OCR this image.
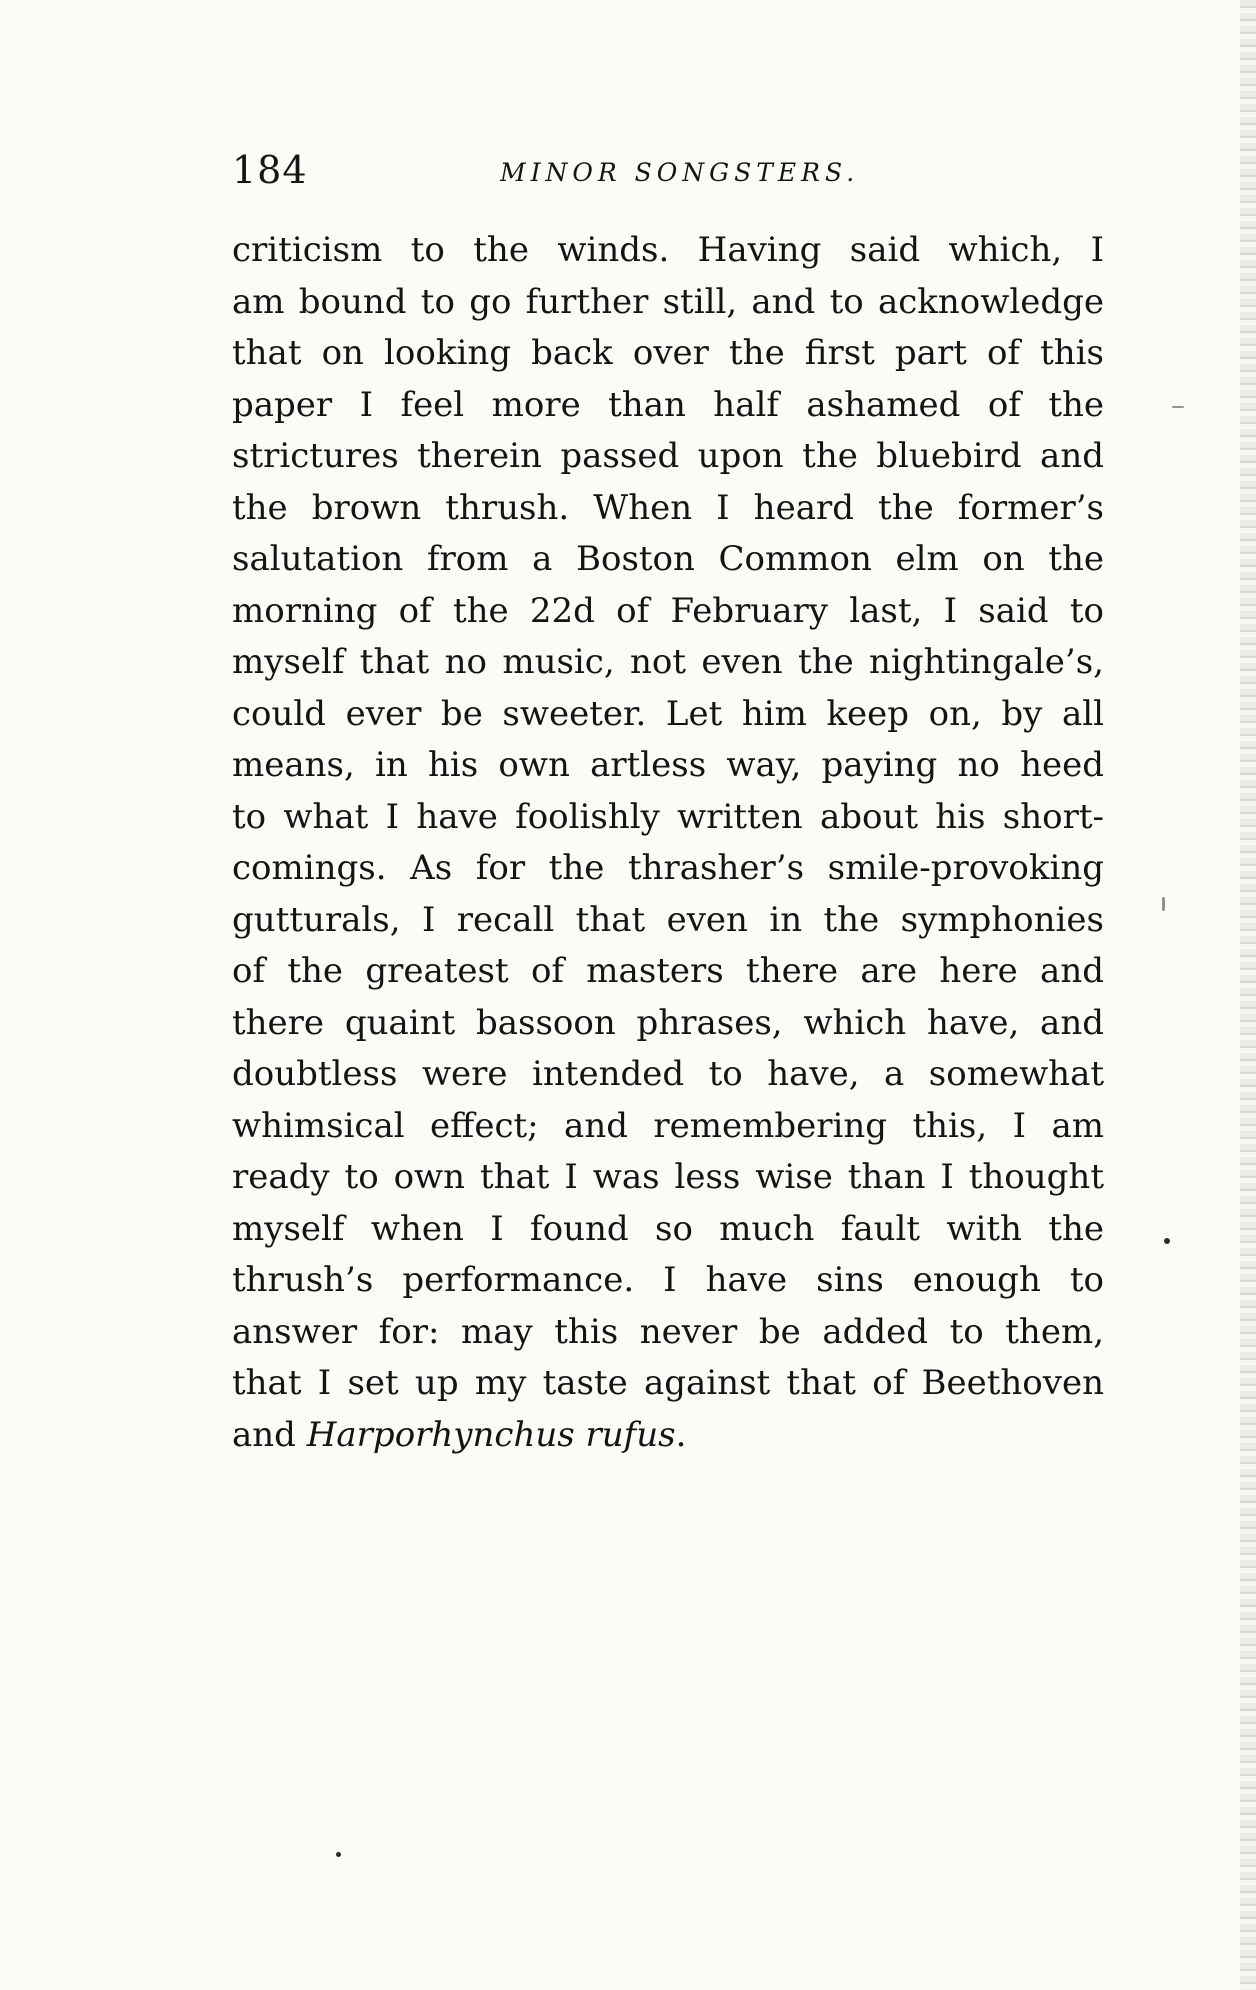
184	MINOR SONGSTERS.
criticism to the winds. Having said which, I
am bound to go further still, and to acknowledge
that on looking back over the first part of this
paper I feel more than half ashamed of the
strictures therein passed upon the bluebird and
the brown thrush. When I heard the former’s
salutation from a Boston Common elm on the
morning of the 22d of February last, I said to
myself that no music, not even the nightingale’s,
could ever be sweeter. Let him keep on, by all
means, in his own artless way, paying no heed
to what I have foolishly written about his short-
comings. As for the thrasher’s smile-provoking
gutturals, I recall that even in the symphonies
of the greatest of masters there are here and
there quaint bassoon phrases, which have, and
doubtless were intended to have, a somewhat
whimsical effect; and remembering this, I am
ready to own that I was less wise than I thought
myself when I found so much fault with the
thrush’s performance. I have sins enough to
answer for: may this never be added to them,
that I set up my taste against that of Beethoven
and Harporhynchus rufus.
